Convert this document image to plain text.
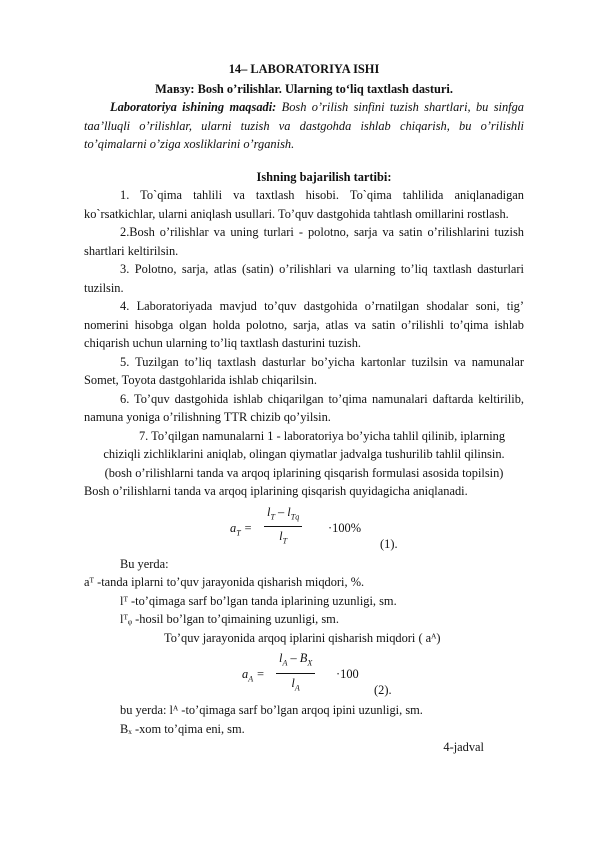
14– LABORATORIYA ISHI
Mавзу: Bosh o’rilishlar. Ularning to‘liq taxtlash dasturi.
Laboratoriya ishining maqsadi: Bosh o’rilish sinfini tuzish shartlari, bu sinfga taa’lluqli o’rilishlar, ularni tuzish va dastgohda ishlab chiqarish, bu o’rilishli to’qimalarni o’ziga xosliklarini o’rganish.
Ishning bajarilish tartibi:
1. To`qima tahlili va taxtlash hisobi. To`qima tahlilida aniqlanadigan ko`rsatkichlar, ularni aniqlash usullari. To’quv dastgohida tahtlash omillarini rostlash.
2.Bosh o’rilishlar va uning turlari - polotno, sarja va satin o’rilishlarini tuzish shartlari keltirilsin.
3. Polotno, sarja, atlas (satin) o’rilishlari va ularning to’liq taxtlash dasturlari tuzilsin.
4. Laboratoriyada mavjud to’quv dastgohida o’rnatilgan shodalar soni, tig’ nomerini hisobga olgan holda polotno, sarja, atlas va satin o’rilishli to’qima ishlab chiqarish uchun ularning to’liq taxtlash dasturini tuzish.
5. Tuzilgan to’liq taxtlash dasturlar bo’yicha kartonlar tuzilsin va namunalar Somet, Toyota dastgohlarida ishlab chiqarilsin.
6. To’quv dastgohida ishlab chiqarilgan to’qima namunalari daftarda keltirilib, namuna yoniga o’rilishning TTR chizib qo’yilsin.
7. To’qilgan namunalarni 1 - laboratoriya bo’yicha tahlil qilinib, iplarning chiziqli zichliklarini aniqlab, olingan qiymatlar jadvalga tushurilib tahlil qilinsin.
(bosh o’rilishlarni tanda va arqoq iplarining qisqarish formulasi asosida topilsin)
Bosh o’rilishlarni tanda va arqoq iplarining qisqarish quyidagicha aniqlanadi.
$a_T$ =
$l_T - l_{Tq}$
$l_T$
·100%
(1).
Bu yerda:
aᵀ -tanda iplarni to’quv jarayonida qisharish miqdori, %.
lᵀ -to’qimaga sarf bo’lgan tanda iplarining uzunligi, sm.
lᵀᵩ -hosil bo’lgan to’qimaining uzunligi, sm.
To’quv jarayonida arqoq iplarini qisharish miqdori ( aᴬ)
$a_A = \frac{l_A - B_X}{l_A} \cdot 100$
(2).
bu yerda: lᴬ -to’qimaga sarf bo’lgan arqoq ipini uzunligi, sm.
Bₓ -xom to’qima eni, sm.
4-jadval
